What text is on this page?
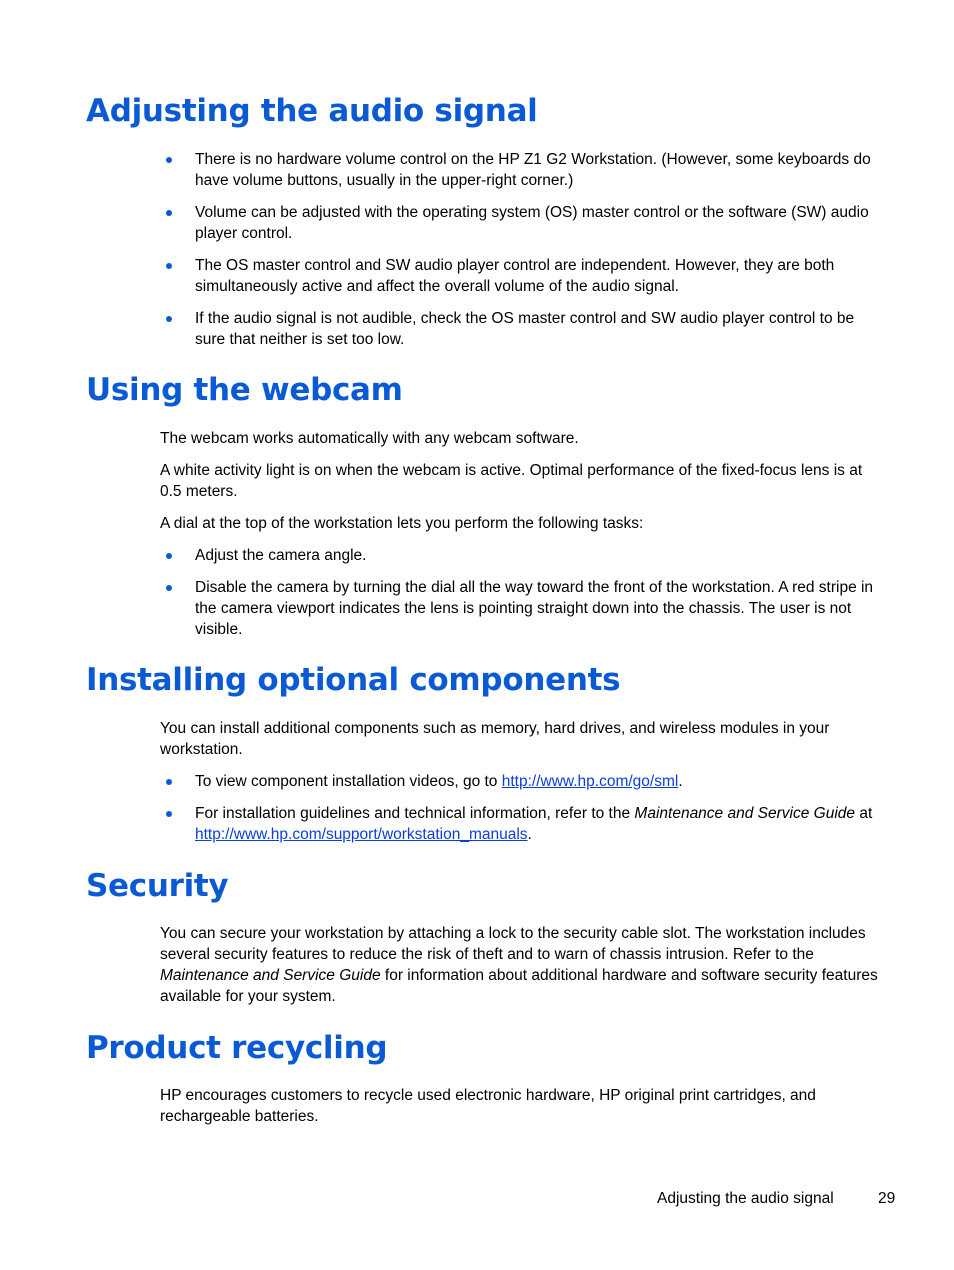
Adjusting the audio signal
There is no hardware volume control on the HP Z1 G2 Workstation. (However, some keyboards do have volume buttons, usually in the upper-right corner.)
Volume can be adjusted with the operating system (OS) master control or the software (SW) audio player control.
The OS master control and SW audio player control are independent. However, they are both simultaneously active and affect the overall volume of the audio signal.
If the audio signal is not audible, check the OS master control and SW audio player control to be sure that neither is set too low.
Using the webcam

The webcam works automatically with any webcam software.

A white activity light is on when the webcam is active. Optimal performance of the fixed-focus lens is at 0.5 meters.

A dial at the top of the workstation lets you perform the following tasks:

Adjust the camera angle.
Disable the camera by turning the dial all the way toward the front of the workstation. A red stripe in the camera viewport indicates the lens is pointing straight down into the chassis. The user is not visible.
Installing optional components

You can install additional components such as memory, hard drives, and wireless modules in your workstation.

To view component installation videos, go to http://www.hp.com/go/sml.
For installation guidelines and technical information, refer to the Maintenance and Service Guide at http://www.hp.com/support/workstation_manuals.
Security

You can secure your workstation by attaching a lock to the security cable slot. The workstation includes several security features to reduce the risk of theft and to warn of chassis intrusion. Refer to the Maintenance and Service Guide for information about additional hardware and software security features available for your system.

Product recycling

HP encourages customers to recycle used electronic hardware, HP original print cartridges, and rechargeable batteries.

Adjusting the audio signal	29
